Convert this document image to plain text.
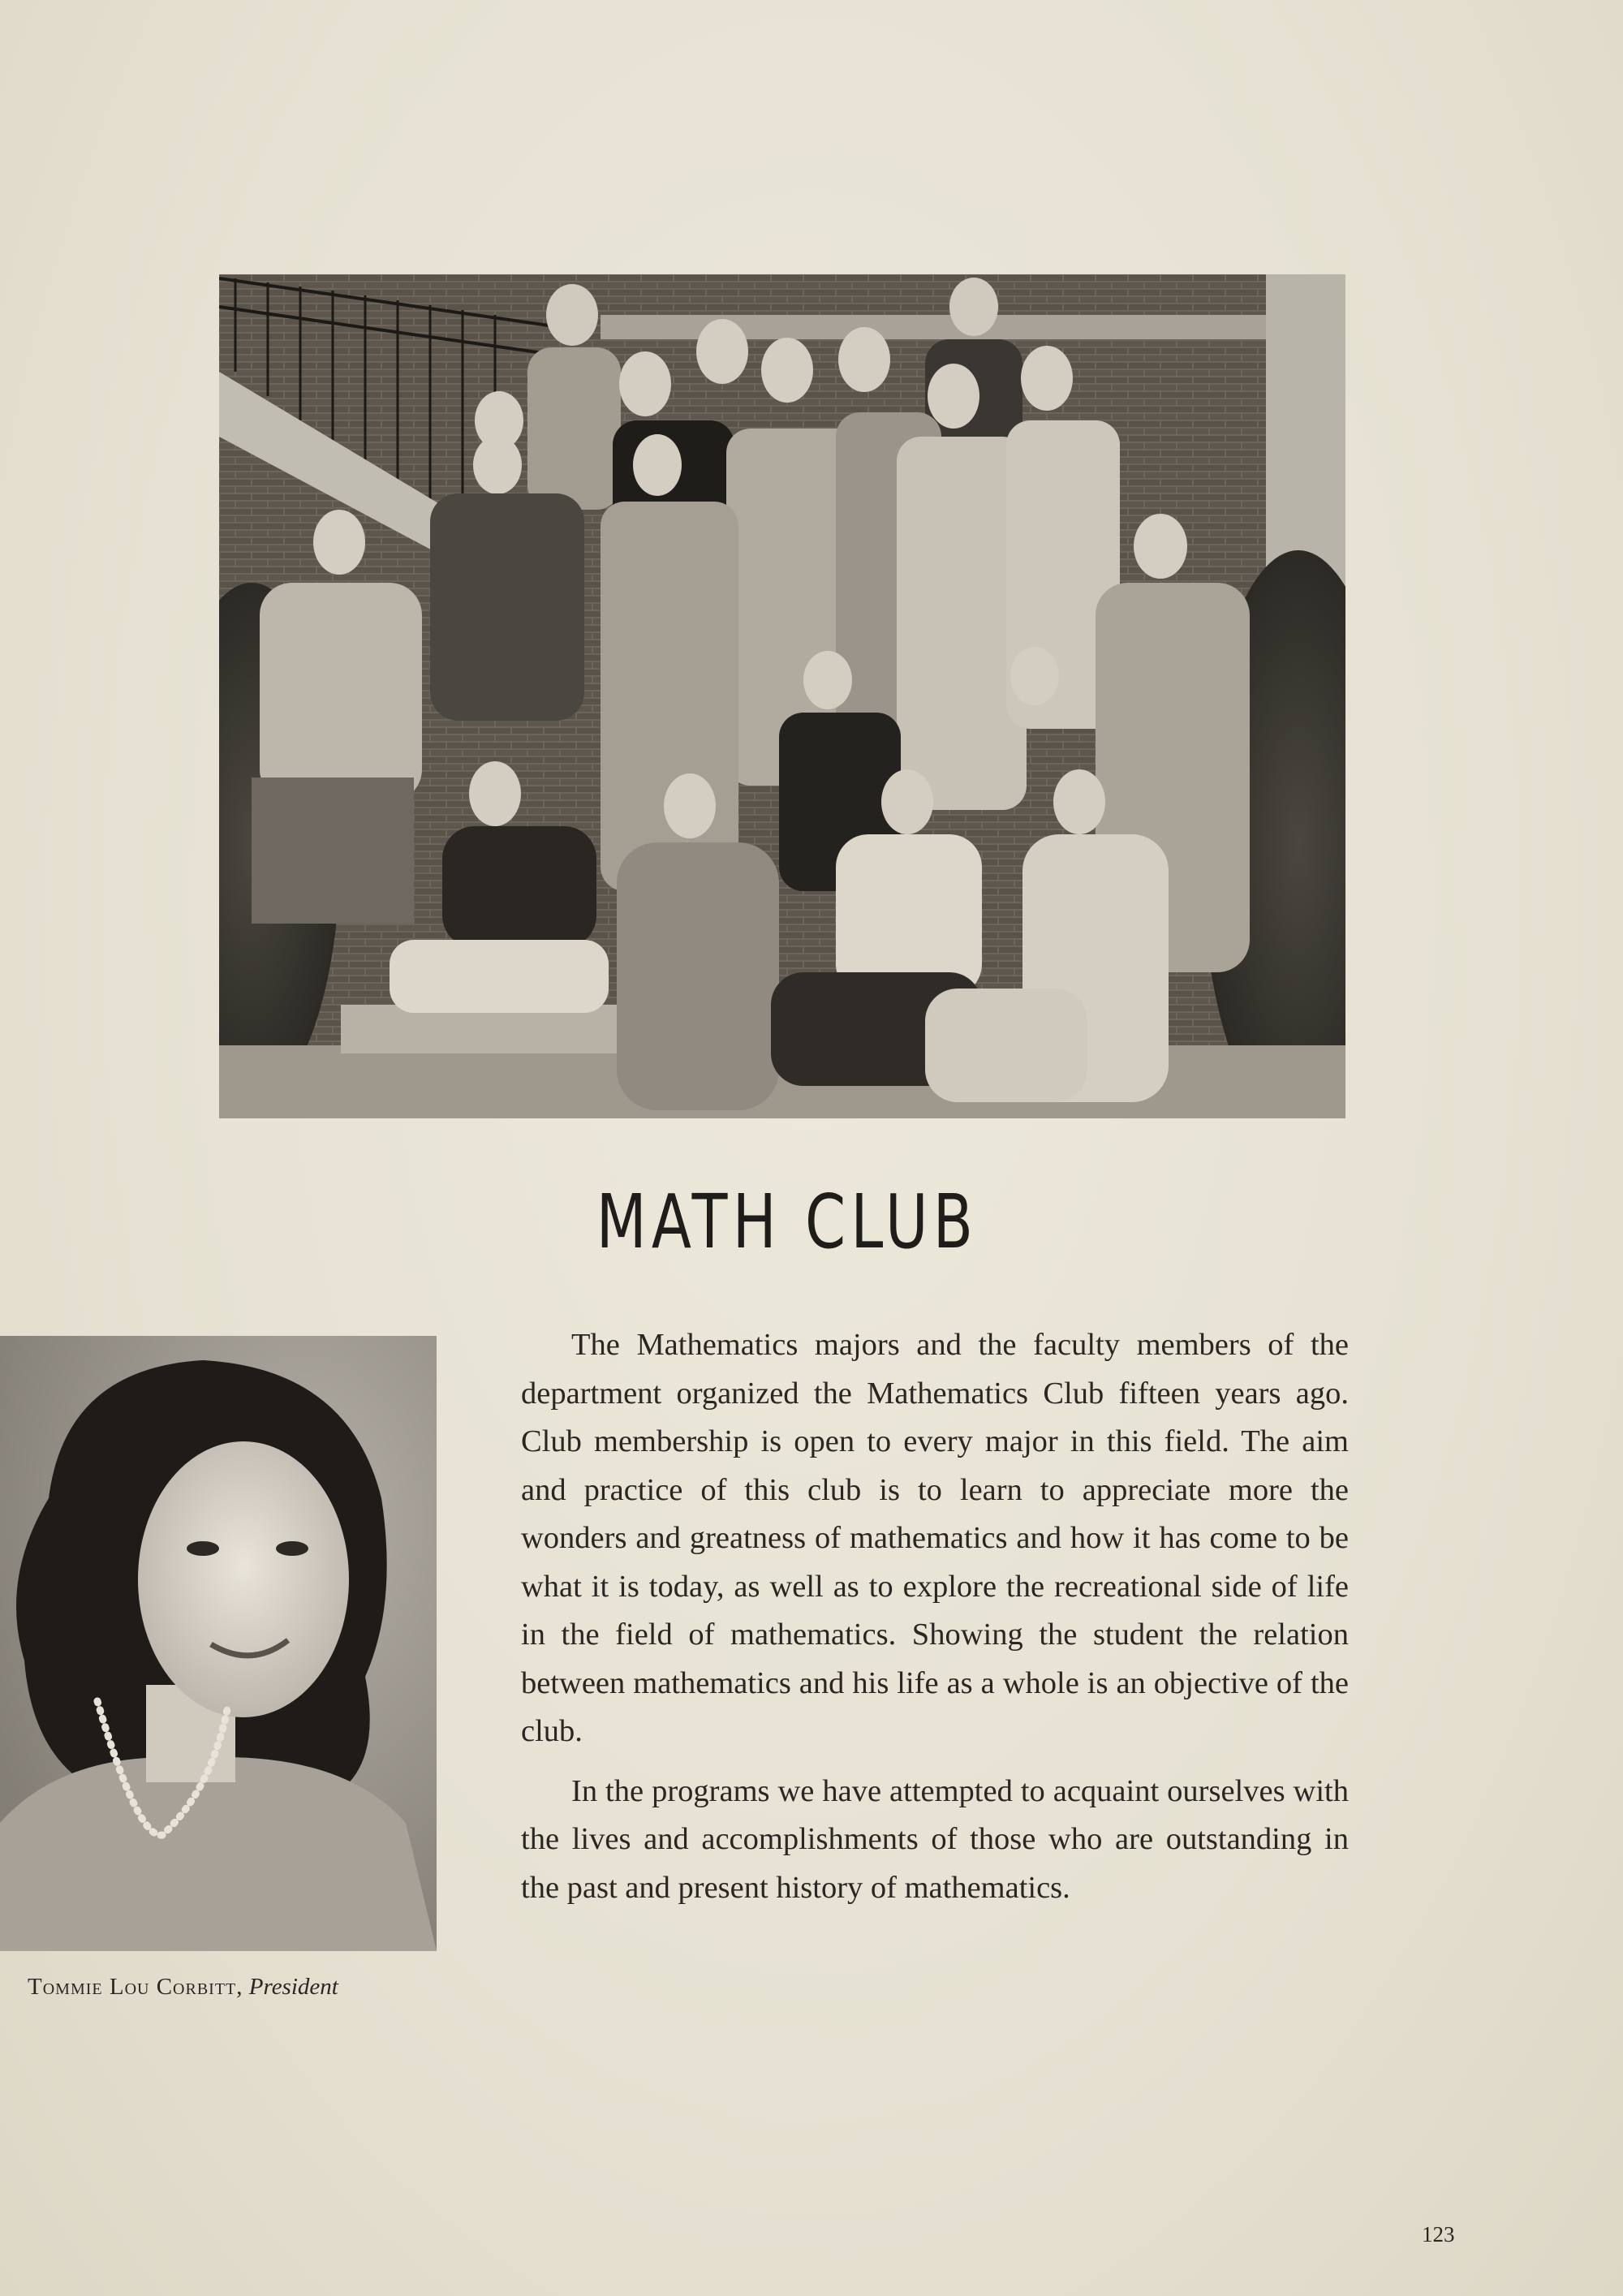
MATH CLUB

The Mathematics majors and the faculty members of the department organized the Mathematics Club fifteen years ago. Club membership is open to every major in this field. The aim and practice of this club is to learn to appreciate more the wonders and greatness of mathematics and how it has come to be what it is today, as well as to explore the recreational side of life in the field of mathematics. Showing the student the relation between mathematics and his life as a whole is an objective of the club.

In the programs we have attempted to acquaint ourselves with the lives and accomplishments of those who are outstanding in the past and present history of mathematics.

Tommie Lou Corbitt, President
123
